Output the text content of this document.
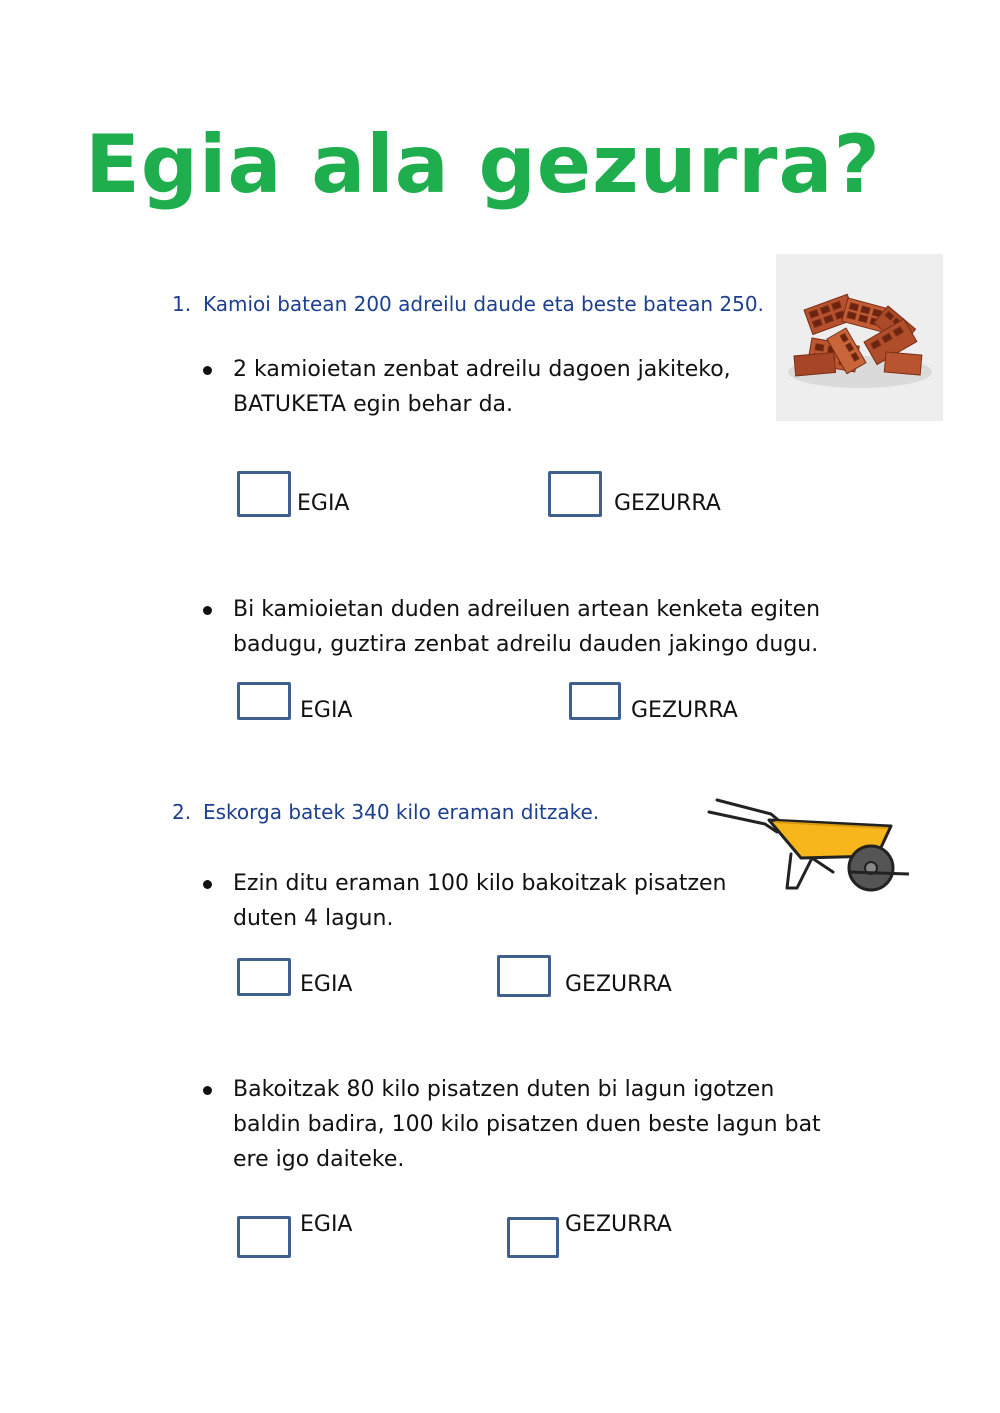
Egia ala gezurra?
1. Kamioi batean 200 adreilu daude eta beste batean 250.
2 kamioietan zenbat adreilu dagoen jakiteko,
BATUKETA egin behar da.
EGIA	GEZURRA
Bi kamioietan duden adreiluen artean kenketa egiten
badugu, guztira zenbat adreilu dauden jakingo dugu.
EGIA	GEZURRA
2. Eskorga batek 340 kilo eraman ditzake.
Ezin ditu eraman 100 kilo bakoitzak pisatzen
duten 4 lagun.
EGIA	GEZURRA
Bakoitzak 80 kilo pisatzen duten bi lagun igotzen
baldin badira, 100 kilo pisatzen duen beste lagun bat
ere igo daiteke.
EGIA	GEZURRA
